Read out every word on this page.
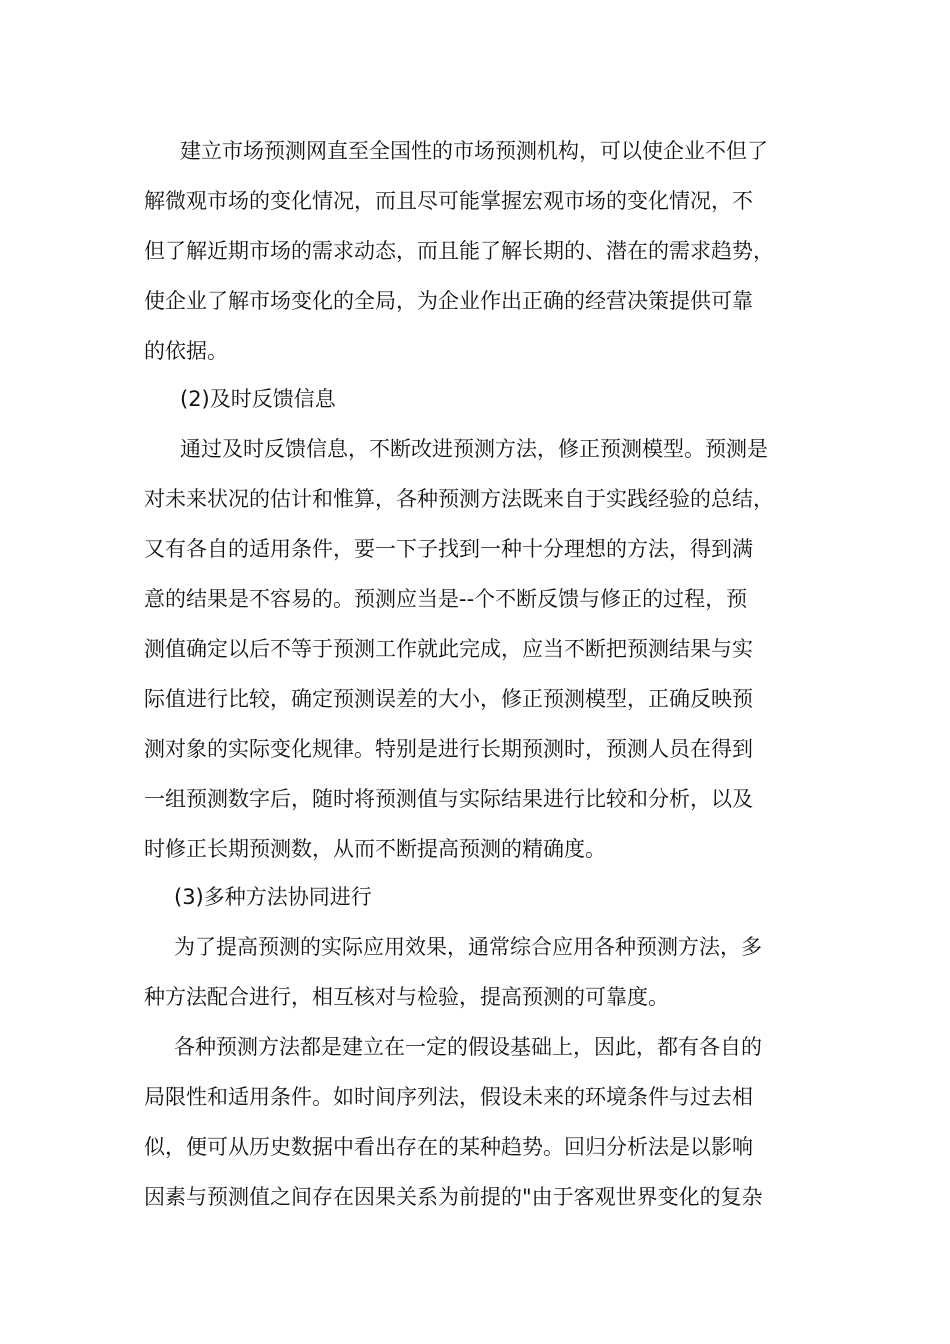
建立市场预测网直至全国性的市场预测机构，可以使企业不但了
解微观市场的变化情况，而且尽可能掌握宏观市场的变化情况，不
但了解近期市场的需求动态，而且能了解长期的、潜在的需求趋势，
使企业了解市场变化的全局，为企业作出正确的经营决策提供可靠
的依据。
(2)及时反馈信息
通过及时反馈信息，不断改进预测方法，修正预测模型。预测是
对未来状况的估计和惟算，各种预测方法既来自于实践经验的总结，
又有各自的适用条件，要一下子找到一种十分理想的方法，得到满
意的结果是不容易的。预测应当是--个不断反馈与修正的过程，预
测值确定以后不等于预测工作就此完成，应当不断把预测结果与实
际值进行比较，确定预测误差的大小，修正预测模型，正确反映预
测对象的实际变化规律。特别是进行长期预测时，预测人员在得到
一组预测数字后，随时将预测值与实际结果进行比较和分析，以及
时修正长期预测数，从而不断提高预测的精确度。
(3)多种方法协同进行
为了提高预测的实际应用效果，通常综合应用各种预测方法，多
种方法配合进行，相互核对与检验，提高预测的可靠度。
各种预测方法都是建立在一定的假设基础上，因此，都有各自的
局限性和适用条件。如时间序列法，假设未来的环境条件与过去相
似，便可从历史数据中看出存在的某种趋势。回归分析法是以影响
因素与预测值之间存在因果关系为前提的"由于客观世界变化的复杂
